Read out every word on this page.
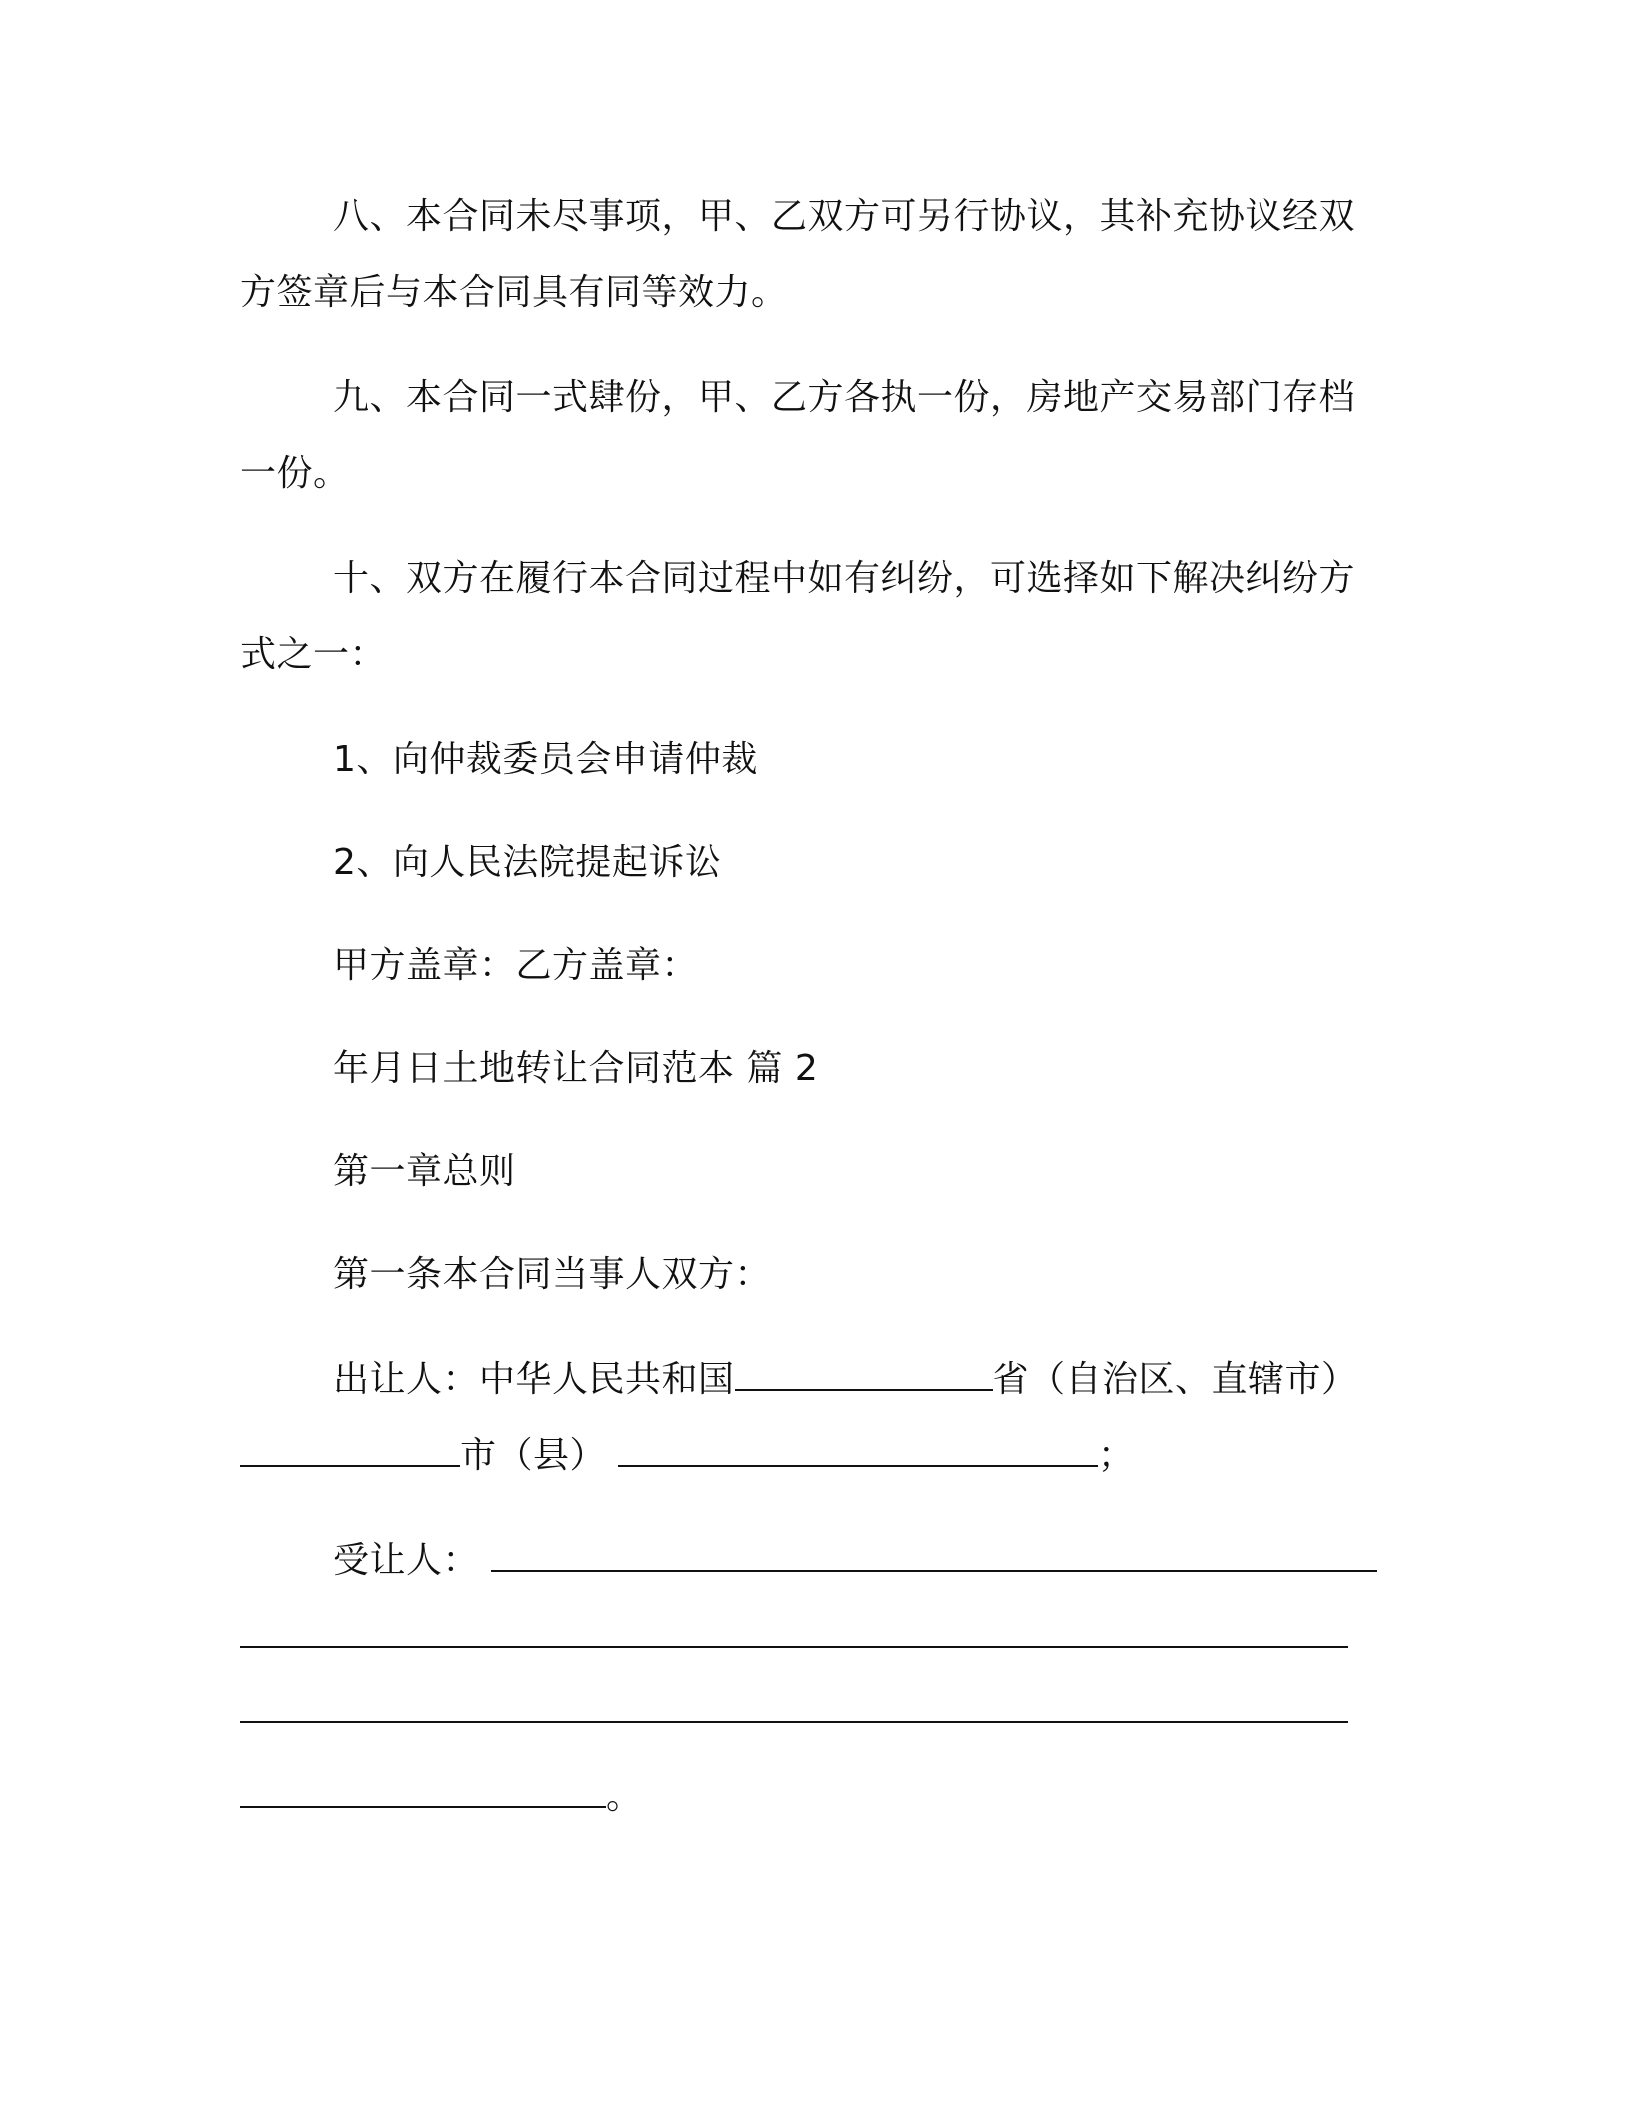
八、本合同未尽事项，甲、乙双方可另行协议，其补充协议经双
方签章后与本合同具有同等效力。
九、本合同一式肆份，甲、乙方各执一份，房地产交易部门存档
一份。
十、双方在履行本合同过程中如有纠纷，可选择如下解决纠纷方
式之一：
1、向仲裁委员会申请仲裁
2、向人民法院提起诉讼
甲方盖章：乙方盖章：
年月日土地转让合同范本 篇 2
第一章总则
第一条本合同当事人双方：
出让人：中华人民共和国	省（自治区、直辖市）
市（县）	；
受让人：
。
